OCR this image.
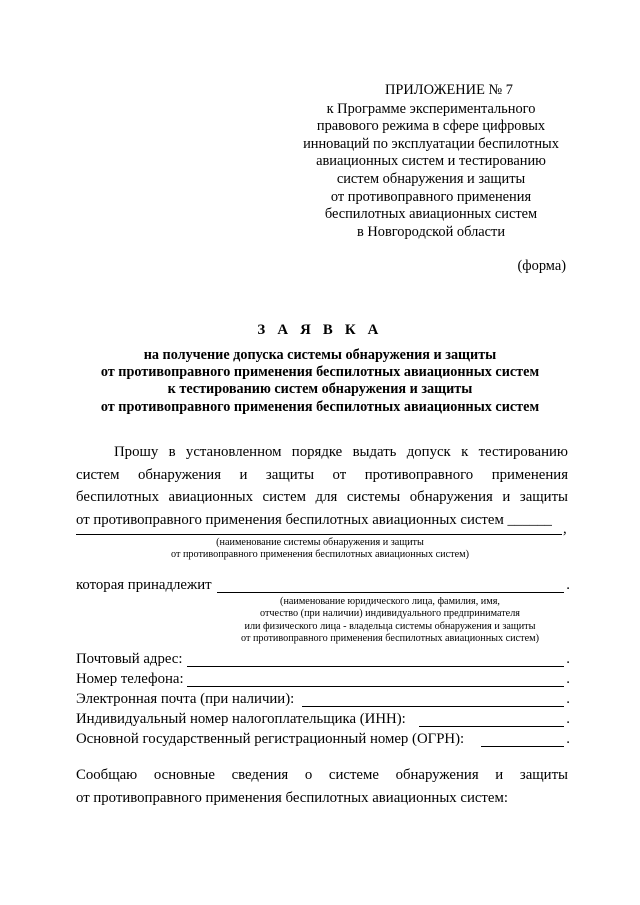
ПРИЛОЖЕНИЕ № 7
к Программе экспериментального
правового режима в сфере цифровых
инноваций по эксплуатации беспилотных
авиационных систем и тестированию
систем обнаружения и защиты
от противоправного применения
беспилотных авиационных систем
в Новгородской области
(форма)
З А Я В К А
на получение допуска системы обнаружения и защиты
от противоправного применения беспилотных авиационных систем
к тестированию систем обнаружения и защиты
от противоправного применения беспилотных авиационных систем
Прошу в установленном порядке выдать допуск к тестированию
систем обнаружения и защиты от противоправного применения
беспилотных авиационных систем для системы обнаружения и защиты
от противоправного применения беспилотных авиационных систем ______
,
(наименование системы обнаружения и защиты
от противоправного применения беспилотных авиационных систем)
которая принадлежит	.
(наименование юридического лица, фамилия, имя,
отчество (при наличии) индивидуального предпринимателя
или физического лица - владельца системы обнаружения и защиты
от противоправного применения беспилотных авиационных систем)
Почтовый адрес:	.
Номер телефона:	.
Электронная почта (при наличии):	.
Индивидуальный номер налогоплательщика (ИНН):	.
Основной государственный регистрационный номер (ОГРН):	.
Сообщаю основные сведения о системе обнаружения и защиты
от противоправного применения беспилотных авиационных систем:
